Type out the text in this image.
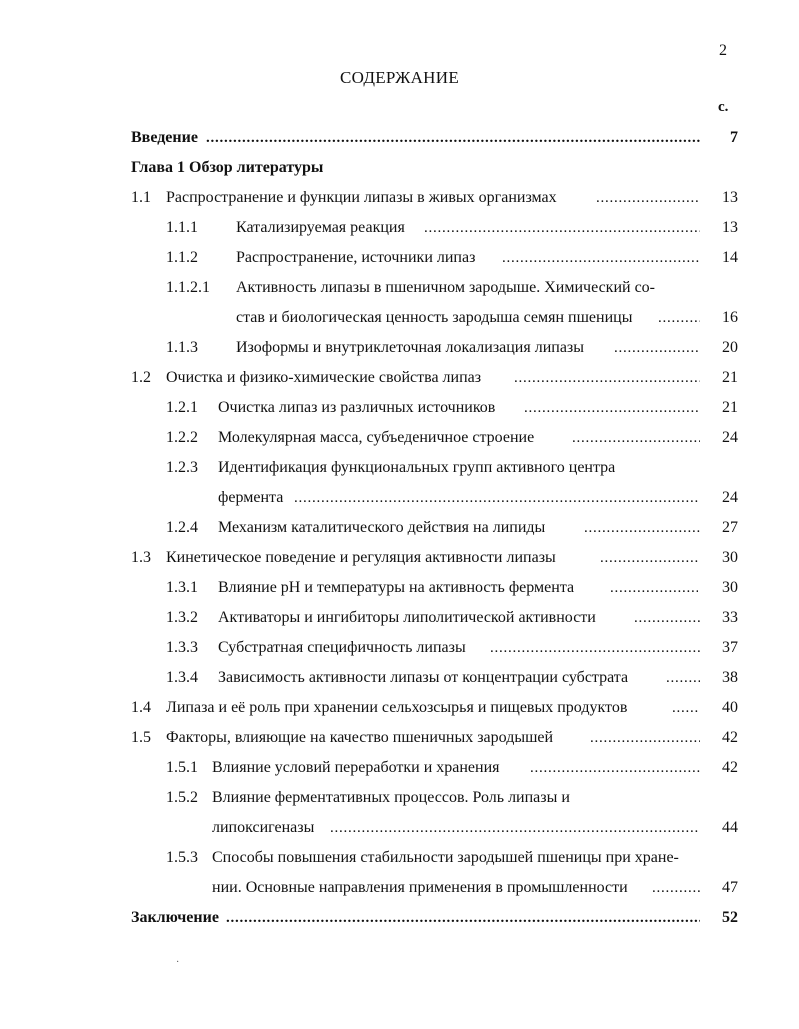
2
СОДЕРЖАНИЕ
с.
Введение . . .	7
Глава 1 Обзор литературы
1.1 Распространение и функции липазы в живых организмах . . .	13
1.1.1 Катализируемая реакция . . .	13
1.1.2 Распространение, источники липаз . . .	14
1.1.2.1 Активность липазы в пшеничном зародыше. Химический со-
став и биологическая ценность зародыша семян пшеницы . . .	16
1.1.3 Изоформы и внутриклеточная локализация липазы . . .	20
1.2 Очистка и физико-химические свойства липаз . . .	21
1.2.1 Очистка липаз из различных источников . . .	21
1.2.2 Молекулярная масса, субъеденичное строение . . .	24
1.2.3 Идентификация функциональных групп активного центра
фермента . . .	24
1.2.4 Механизм каталитического действия на липиды . . .	27
1.3 Кинетическое поведение и регуляция активности липазы . . .	30
1.3.1 Влияние pH и температуры на активность фермента . . .	30
1.3.2 Активаторы и ингибиторы липолитической активности . . .	33
1.3.3 Субстратная специфичность липазы . . .	37
1.3.4 Зависимость активности липазы от концентрации субстрата . . .	38
1.4 Липаза и её роль при хранении сельхозсырья и пищевых продуктов . . .	40
1.5 Факторы, влияющие на качество пшеничных зародышей . . .	42
1.5.1 Влияние условий переработки и хранения . . .	42
1.5.2 Влияние ферментативных процессов. Роль липазы и
липоксигеназы . . .	44
1.5.3 Способы повышения стабильности зародышей пшеницы при хране-
нии. Основные направления применения в промышленности . . .	47
Заключение . . .	52
·
